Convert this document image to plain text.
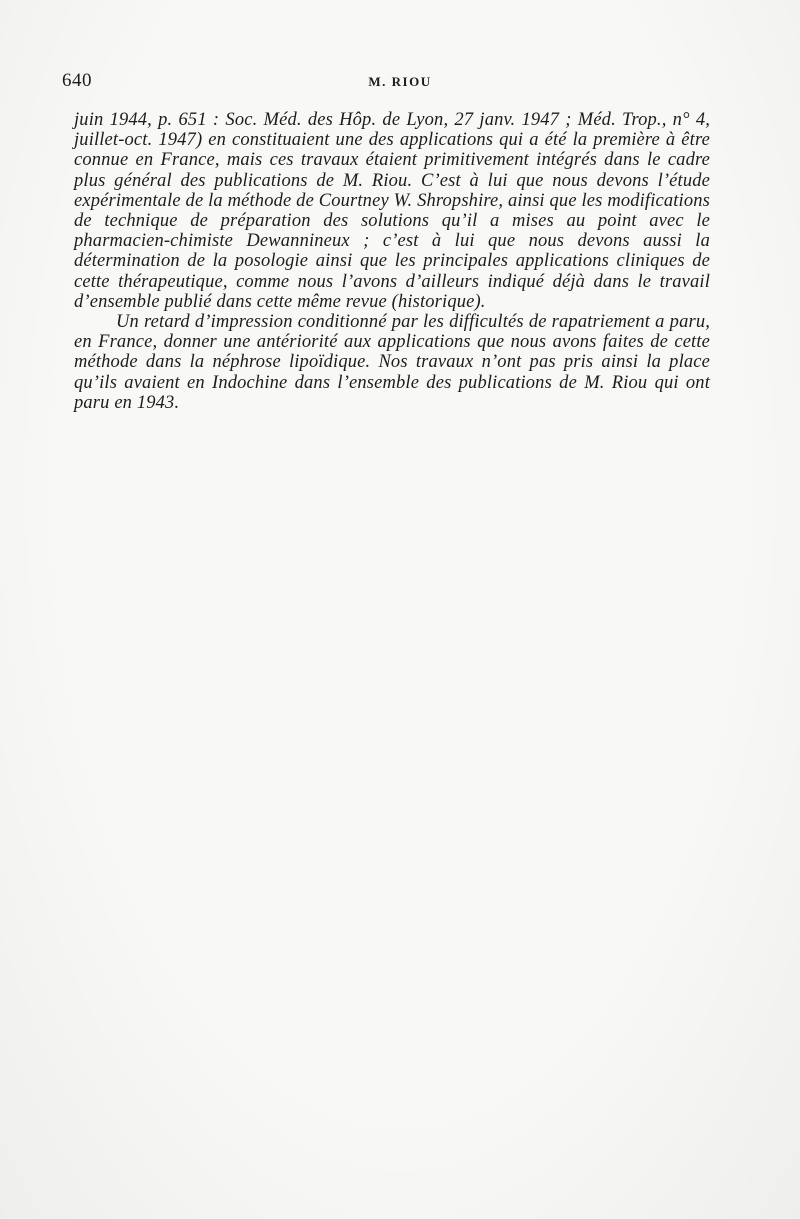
640	M. RIOU

juin 1944, p. 651 : Soc. Méd. des Hôp. de Lyon, 27 janv. 1947 ; Méd. Trop., n° 4, juillet-oct. 1947) en constituaient une des applications qui a été la première à être connue en France, mais ces travaux étaient primitivement intégrés dans le cadre plus général des publications de M. Riou. C’est à lui que nous devons l’étude expérimentale de la méthode de Courtney W. Shropshire, ainsi que les modifications de technique de préparation des solutions qu’il a mises au point avec le pharmacien-chimiste Dewannineux ; c’est à lui que nous devons aussi la détermination de la posologie ainsi que les principales applications cliniques de cette thérapeutique, comme nous l’avons d’ailleurs indiqué déjà dans le travail d’ensemble publié dans cette même revue (historique).

Un retard d’impression conditionné par les difficultés de rapatriement a paru, en France, donner une antériorité aux applications que nous avons faites de cette méthode dans la néphrose lipoïdique. Nos travaux n’ont pas pris ainsi la place qu’ils avaient en Indochine dans l’ensemble des publications de M. Riou qui ont paru en 1943.
